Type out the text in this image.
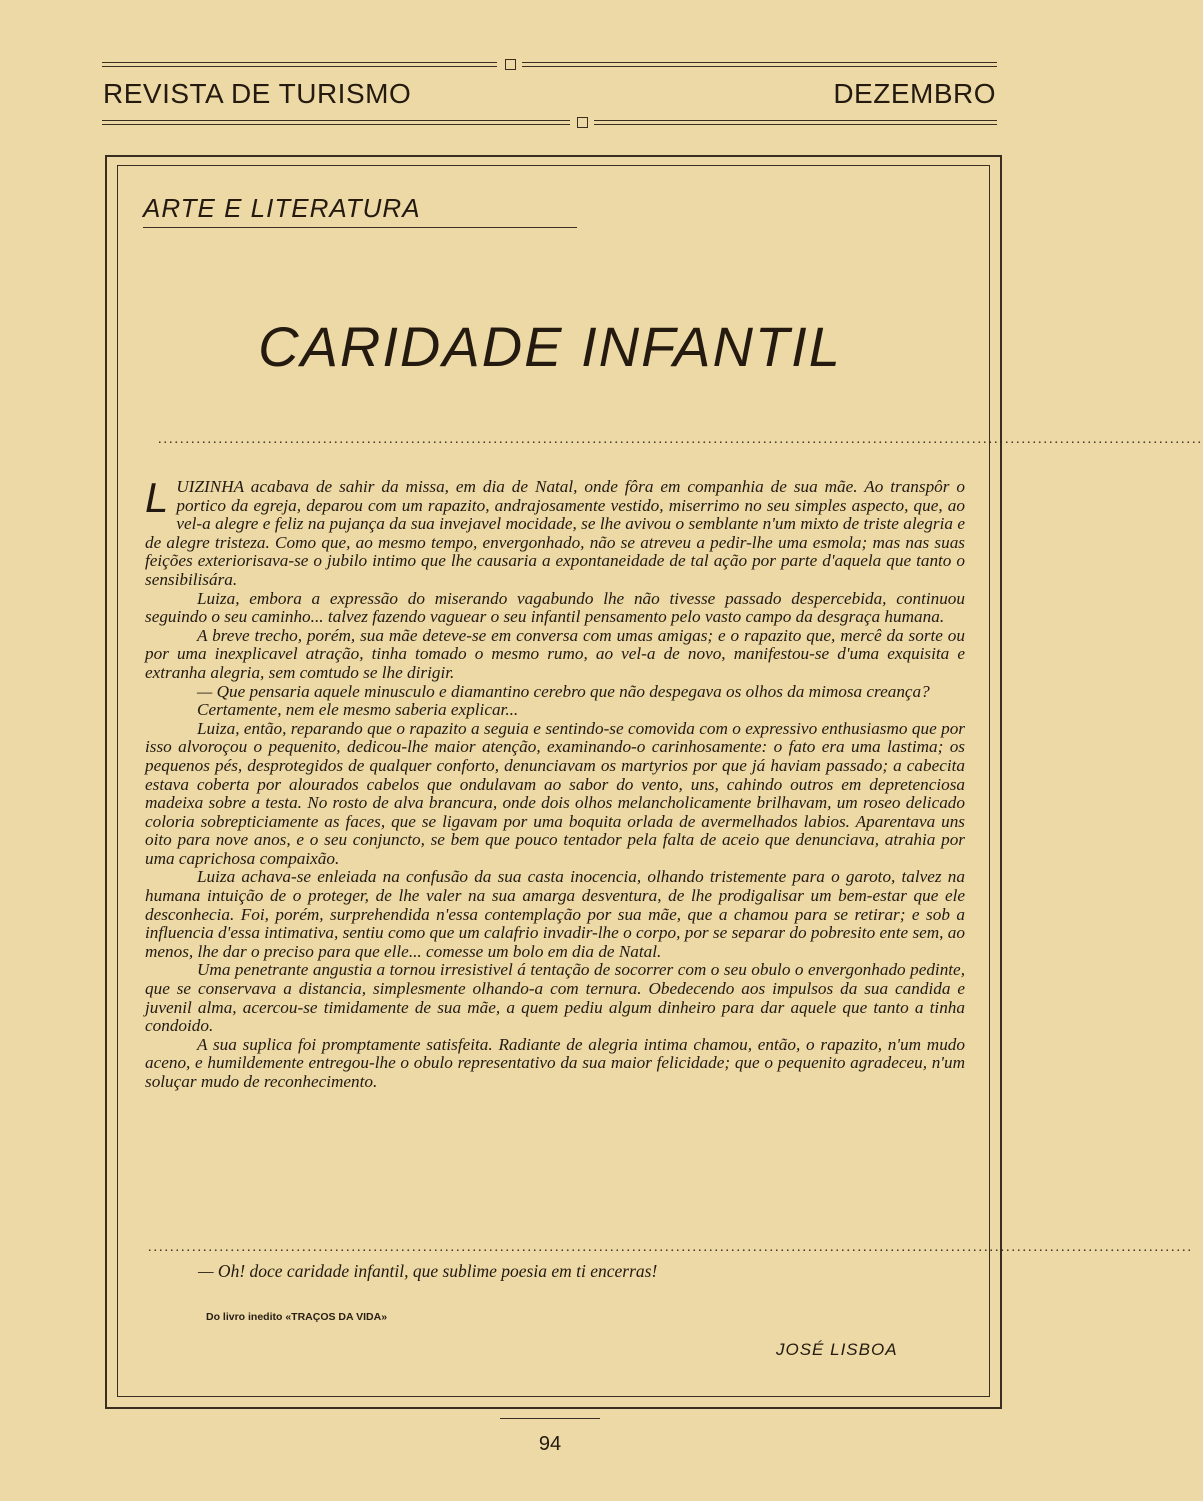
REVISTA DE TURISMO	DEZEMBRO
ARTE E LITERATURA
CARIDADE INFANTIL
..............................................................................................................................................................................................

LUIZINHA acabava de sahir da missa, em dia de Natal, onde fôra em companhia de sua mãe. Ao transpôr o portico da egreja, deparou com um rapazito, andrajosamente vestido, miserrimo no seu simples aspecto, que, ao vel-a alegre e feliz na pujança da sua invejavel mocidade, se lhe avivou o semblante n'um mixto de triste alegria e de alegre tristeza. Como que, ao mesmo tempo, envergonhado, não se atreveu a pedir-lhe uma esmola; mas nas suas feições exteriorisava-se o jubilo intimo que lhe causaria a expontaneidade de tal ação por parte d'aquela que tanto o sensibilisára.

Luiza, embora a expressão do miserando vagabundo lhe não tivesse passado despercebida, continuou seguindo o seu caminho... talvez fazendo vaguear o seu infantil pensamento pelo vasto campo da desgraça humana.

A breve trecho, porém, sua mãe deteve-se em conversa com umas amigas; e o rapazito que, mercê da sorte ou por uma inexplicavel atração, tinha tomado o mesmo rumo, ao vel-a de novo, manifestou-se d'uma exquisita e extranha alegria, sem comtudo se lhe dirigir.

— Que pensaria aquele minusculo e diamantino cerebro que não despegava os olhos da mimosa creança?

Certamente, nem ele mesmo saberia explicar...

Luiza, então, reparando que o rapazito a seguia e sentindo-se comovida com o expressivo enthusiasmo que por isso alvoroçou o pequenito, dedicou-lhe maior atenção, examinando-o carinhosamente: o fato era uma lastima; os pequenos pés, desprotegidos de qualquer conforto, denunciavam os martyrios por que já haviam passado; a cabecita estava coberta por alourados cabelos que ondulavam ao sabor do vento, uns, cahindo outros em depretenciosa madeixa sobre a testa. No rosto de alva brancura, onde dois olhos melancholicamente brilhavam, um roseo delicado coloria sobrepticiamente as faces, que se ligavam por uma boquita orlada de avermelhados labios. Aparentava uns oito para nove anos, e o seu conjuncto, se bem que pouco tentador pela falta de aceio que denunciava, atrahia por uma caprichosa compaixão.

Luiza achava-se enleiada na confusão da sua casta inocencia, olhando tristemente para o garoto, talvez na humana intuição de o proteger, de lhe valer na sua amarga desventura, de lhe prodigalisar um bem-estar que ele desconhecia. Foi, porém, surprehendida n'essa contemplação por sua mãe, que a chamou para se retirar; e sob a influencia d'essa intimativa, sentiu como que um calafrio invadir-lhe o corpo, por se separar do pobresito ente sem, ao menos, lhe dar o preciso para que elle... comesse um bolo em dia de Natal.

Uma penetrante angustia a tornou irresistivel á tentação de socorrer com o seu obulo o envergonhado pedinte, que se conservava a distancia, simplesmente olhando-a com ternura. Obedecendo aos impulsos da sua candida e juvenil alma, acercou-se timidamente de sua mãe, a quem pediu algum dinheiro para dar aquele que tanto a tinha condoido.

A sua suplica foi promptamente satisfeita. Radiante de alegria intima chamou, então, o rapazito, n'um mudo aceno, e humildemente entregou-lhe o obulo representativo da sua maior felicidade; que o pequenito agradeceu, n'um soluçar mudo de reconhecimento.

..............................................................................................................................................................................................
— Oh! doce caridade infantil, que sublime poesia em ti encerras!
Do livro inedito «TRAÇOS DA VIDA»
JOSÉ LISBOA
94
